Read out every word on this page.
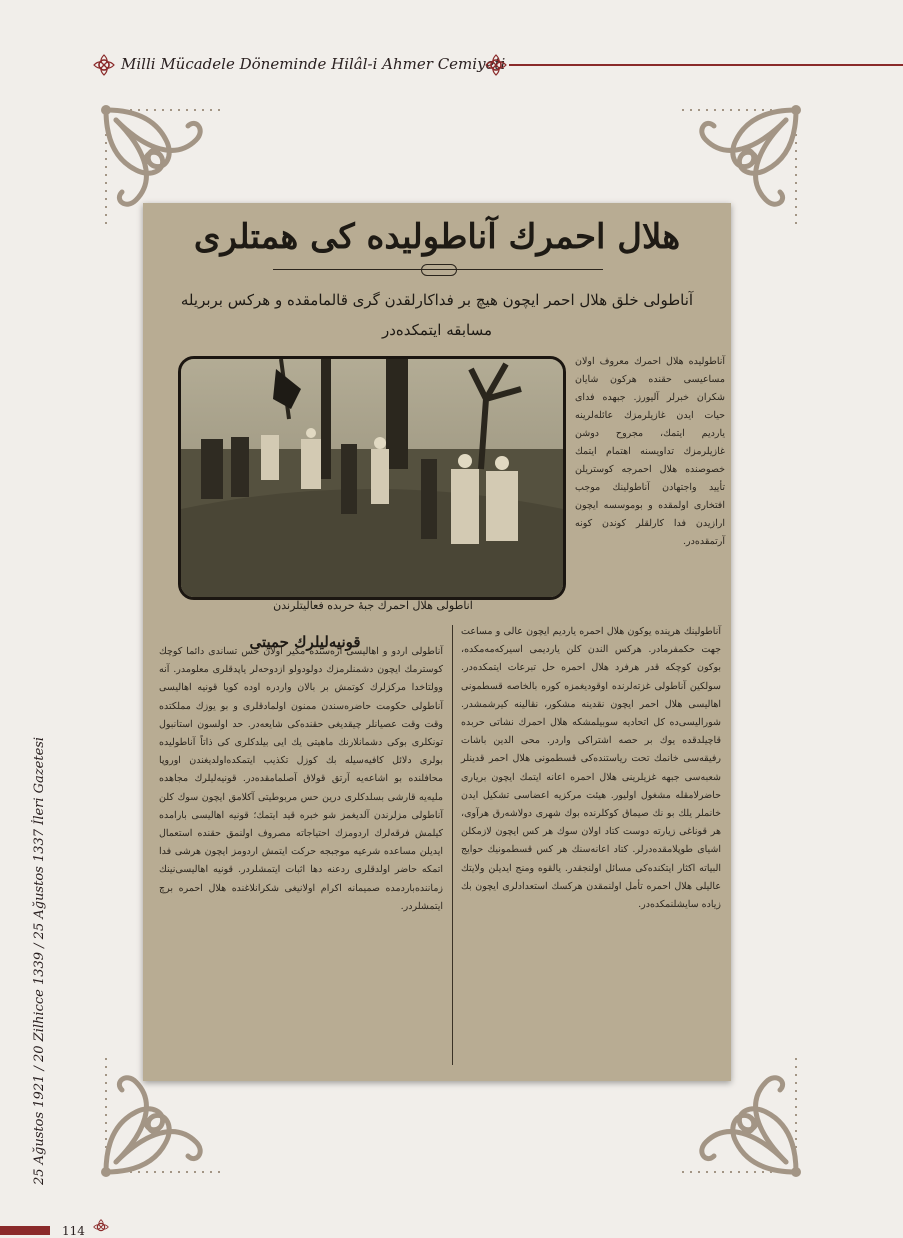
Milli Mücadele Döneminde Hilâl-i Ahmer Cemiyeti
هلال احمرك آناطولیده كی همتلری
آناطولی خلق هلال احمر ایچون هیچ بر فداكارلقدن گری قالمامقده و هركس بربریله مسابقه ایتمكده‌در
آناطولی هلال احمرك جبهٔ حربده فعالیتلرندن
آناطولیده هلال احمرك معروف اولان مساعیسی حقنده هركون شایان شكران خبرلر آلیورز. جبهده فدای حیات ایدن غازیلرمزك عائله‌لرینه یاردیم ایتمك، مجروح دوشن غازیلرمزك تداویسنه اهتمام ایتمك خصوصنده هلال احمرجه كوستریلن تأیید واجتهادن آناطولینك موجب افتخاری اولمقده و بوموسسه ایچون ارازیدن فدا كارلقلر كوندن كونه آرتمقده‌در.
قونیه‌لیلرك حمیتی
آناطولی اردو و اهالیسی آره‌سنده مكیر اولان حس تساندی دائما كوچك كوسترمك ایچون دشمنلرمزك دولودولو ازدوحه‌لر یاپدقلری معلومدر. آنه وولتاخدا مركزلرك كوتمش بر بالان واردره اوده كویا قونیه اهالیسی آناطولی حكومت حاضره‌سندن ممنون اولمادقلری و بو یوزك مملكتده وقت وقت عصیانلر چیقدیغی حقنده‌كی شایعه‌در. حد اولسون استانبول تونكلری بوكی دشمانلارنك ماهیتی یك ایی بیلدكلری كی ذاتاً آناطولیده بولری دلائل كافیه‌سیله بك كوزل تكذیب ایتمكده‌اولدیغندن اوروپا محافلنده بو اشاعه‌یه آرتق قولاق آصلمامقده‌در. قونیه‌لیلرك مجاهده ملیه‌یه قارشی بسلدكلری درین حس مربوطیتی آكلامق ایچون سوك كلن آناطولی مزلرندن آلدیغمز شو خبره قید ایتمك؛ قونیه اهالیسی بارامده كیلمش فرقه‌لرك اردومزك احتیاجاته مصروف اولنمق حقنده استعمال ایدیلن مساعده شرعیه موجبجه حركت ایتمش اردومز ایچون هرشی فدا اتمكه حاضر اولدقلری ردعنه دها اثبات ایتمشلردر. قونیه اهالیسی‌نینك زماننده‌باردمده صمیمانه اكرام اولانیغی شكرانلاغنده هلال احمره برچ ایتمشلردر.
آناطولینك هرینده یوكون هلال احمره یاردیم ایچون عالی و مساعت جهت حكمفرمادر. هركس الندن كلن یاردیمی اسیركه‌مه‌مكده، بوكون كوچكه قدر هرفرد هلال احمره حل تبرعات ایتمكده‌در. سولكین آناطولی غزته‌لرنده اوقودیغمزه كوره بالخاصه قسطمونی اهالیسی هلال احمر ایچون نقدینه مشكور، نقالینه كیرشمشدر. شورالیسی‌ده كل اتحادیه سوبیلمشكه هلال احمرك نشاتی حربده قاچیلدقده یوك بر حصه اشتراكی واردر. محی الدین باشات رفیقه‌سی خانمك تحت ریاستنده‌كی قسطمونی هلال احمر قدینلر شعبه‌سی جبهه غزیلرینی هلال احمره اعانه ایتمك ایچون بریاری حاضرلامقله مشغول اولیور. هیئت مركزیه اعضاسی تشكیل ایدن خانملر یلك بو نك صیماق كوكلرنده بوك شهری دولاشه‌رق هرآوی، هر قوناغی زیارته دوست كتاد اولان سوك هر كس ایچون لازمكلن اشیای طوپلامقده‌درلر. كتاد اعانه‌سنك هر كس قسطمونیك حوایج البیاته اكثار ایتكنده‌كی مسائل اولنجقدر. یالقوه ومنج ایدیلن ولایتك عالیلی هلال احمره تأمل اولنمقدن هركسك استعدادلری ایچون بك زیاده سایشلنمكده‌در.
25 Ağustos 1921 / 20 Zilhicce 1339 / 25 Ağustos 1337 İleri Gazetesi
114
